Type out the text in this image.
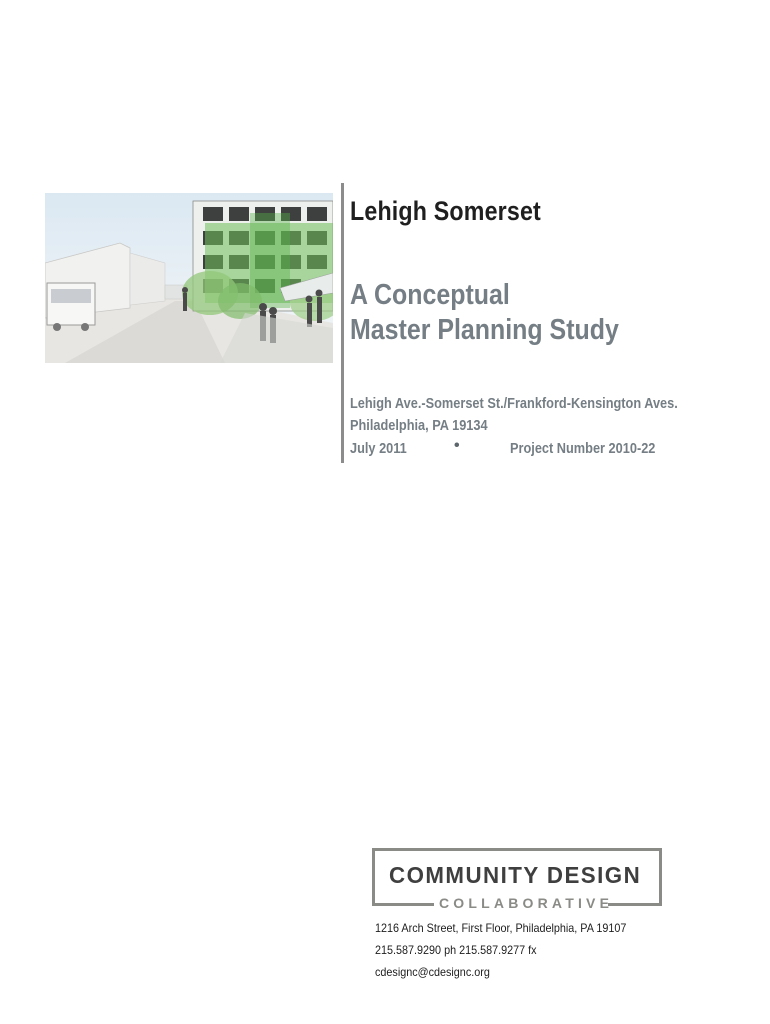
Lehigh Somerset
A Conceptual
Master Planning Study
Lehigh Ave.-Somerset St./Frankford-Kensington Aves.
Philadelphia, PA 19134
July 2011	•	Project Number 2010-22
COMMUNITY DESIGN
COLLABORATIVE
1216 Arch Street, First Floor, Philadelphia, PA 19107
215.587.9290 ph 215.587.9277 fx
cdesignc@cdesignc.org
